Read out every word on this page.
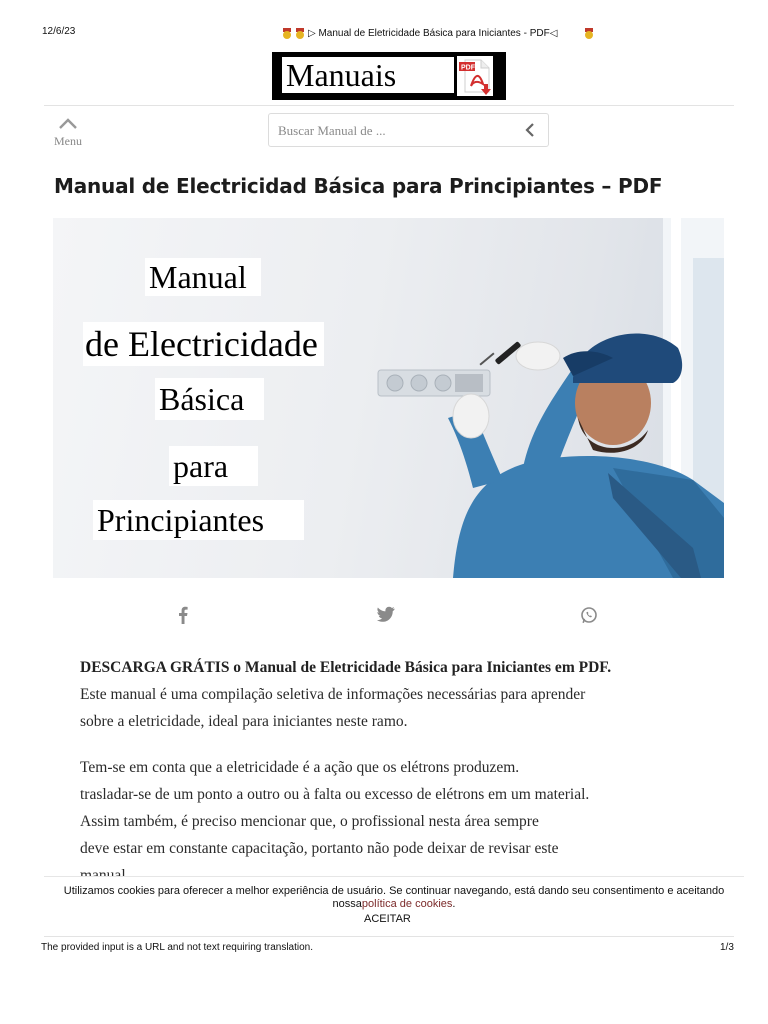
12/6/23	▷ Manual de Eletricidade Básica para Iniciantes - PDF◁
Manuais	PDF
Menu
Buscar Manual de ...
Manual de Electricidad Básica para Principiantes – PDF
Manual
de Electricidade
Básica
para
Principiantes
DESCARGA GRÁTIS o Manual de Eletricidade Básica para Iniciantes em PDF.
Este manual é uma compilação seletiva de informações necessárias para aprender
sobre a eletricidade, ideal para iniciantes neste ramo.
Tem-se em conta que a eletricidade é a ação que os elétrons produzem.
trasladar-se de um ponto a outro ou à falta ou excesso de elétrons em um material.
Assim também, é preciso mencionar que, o profissional nesta área sempre
deve estar em constante capacitação, portanto não pode deixar de revisar este

Utilizamos cookies para oferecer a melhor experiência de usuário. Se continuar navegando, está dando seu consentimento e aceitando
nossapolítica de cookies.
ACEITAR
The provided input is a URL and not text requiring translation.	1/3
